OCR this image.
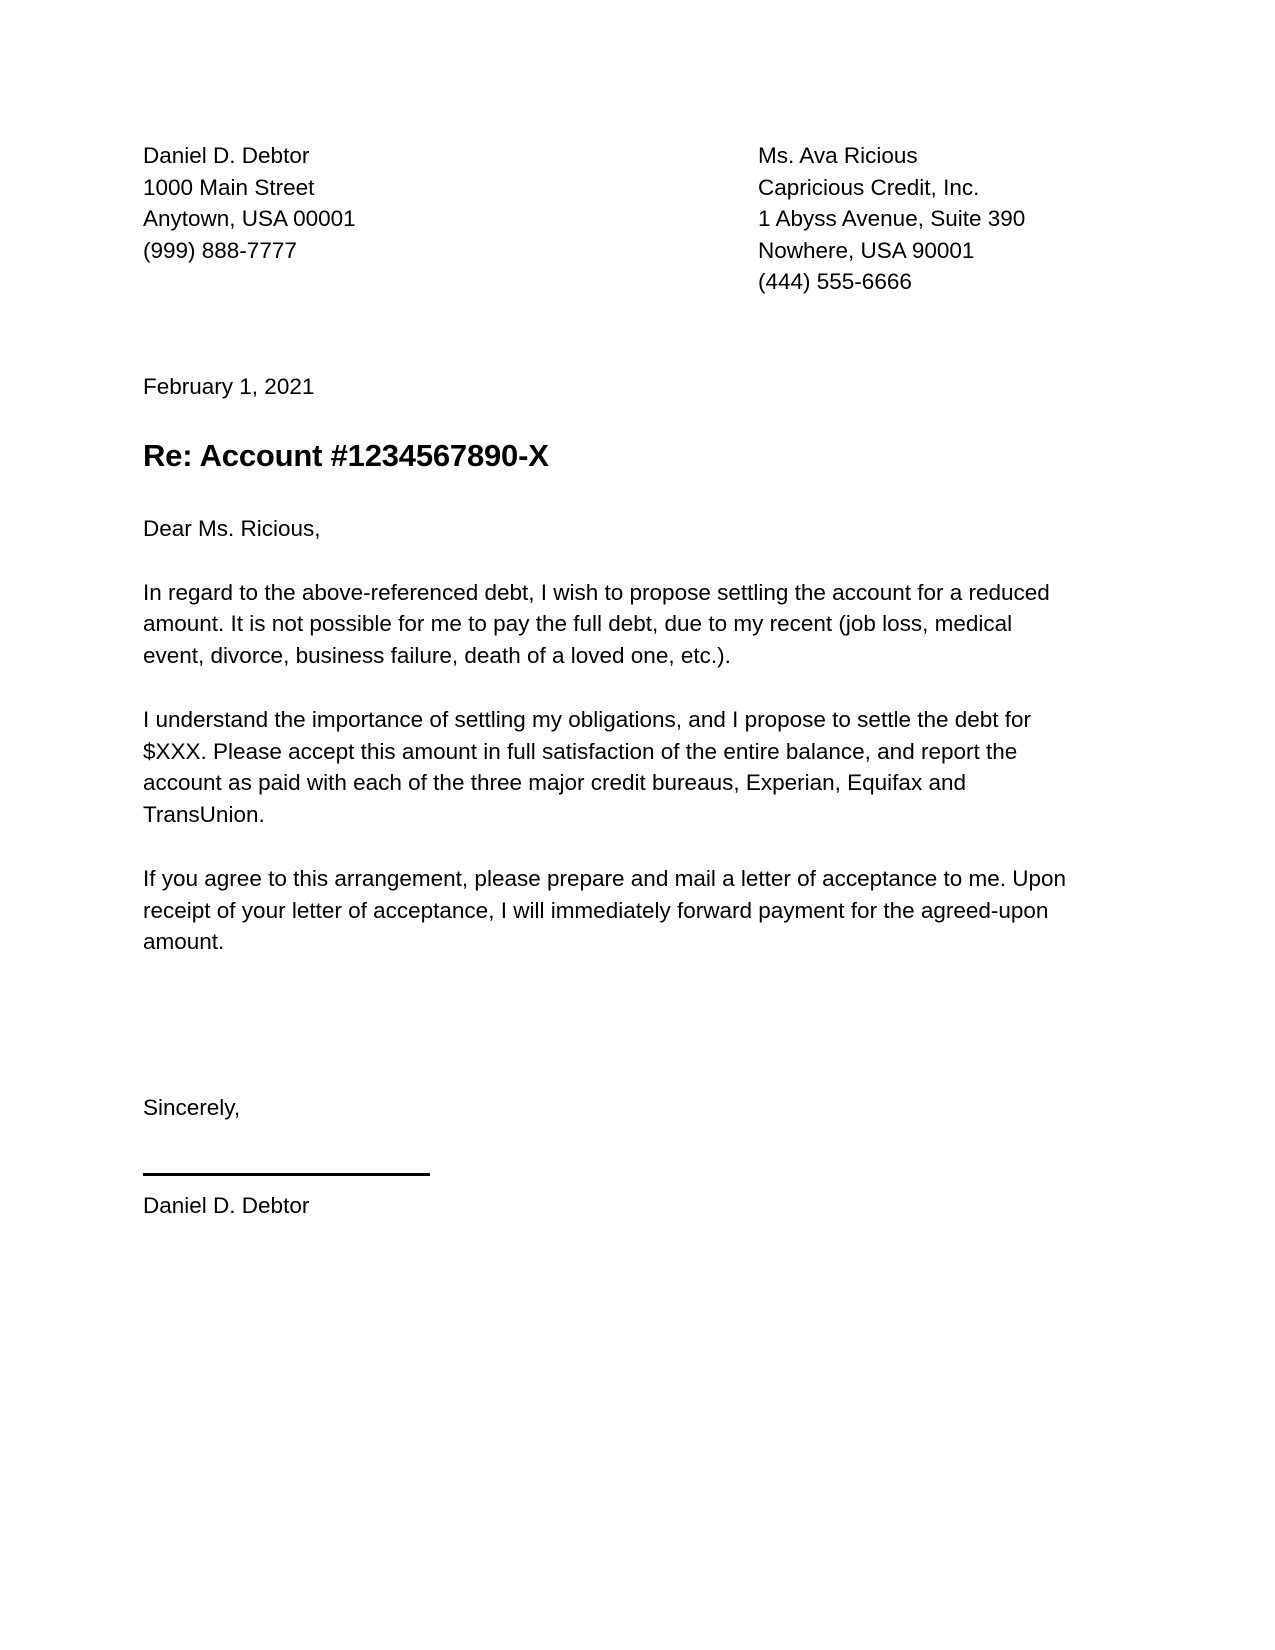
Daniel D. Debtor
1000 Main Street
Anytown, USA 00001
(999) 888-7777
Ms. Ava Ricious
Capricious Credit, Inc.
1 Abyss Avenue, Suite 390
Nowhere, USA 90001
(444) 555-6666
February 1, 2021
Re: Account #1234567890-X
Dear Ms. Ricious,

In regard to the above-referenced debt, I wish to propose settling the account for a reduced amount. It is not possible for me to pay the full debt, due to my recent (job loss, medical event, divorce, business failure, death of a loved one, etc.).

I understand the importance of settling my obligations, and I propose to settle the debt for $XXX. Please accept this amount in full satisfaction of the entire balance, and report the account as paid with each of the three major credit bureaus, Experian, Equifax and TransUnion.

If you agree to this arrangement, please prepare and mail a letter of acceptance to me. Upon receipt of your letter of acceptance, I will immediately forward payment for the agreed-upon amount.

Sincerely,
Daniel D. Debtor
